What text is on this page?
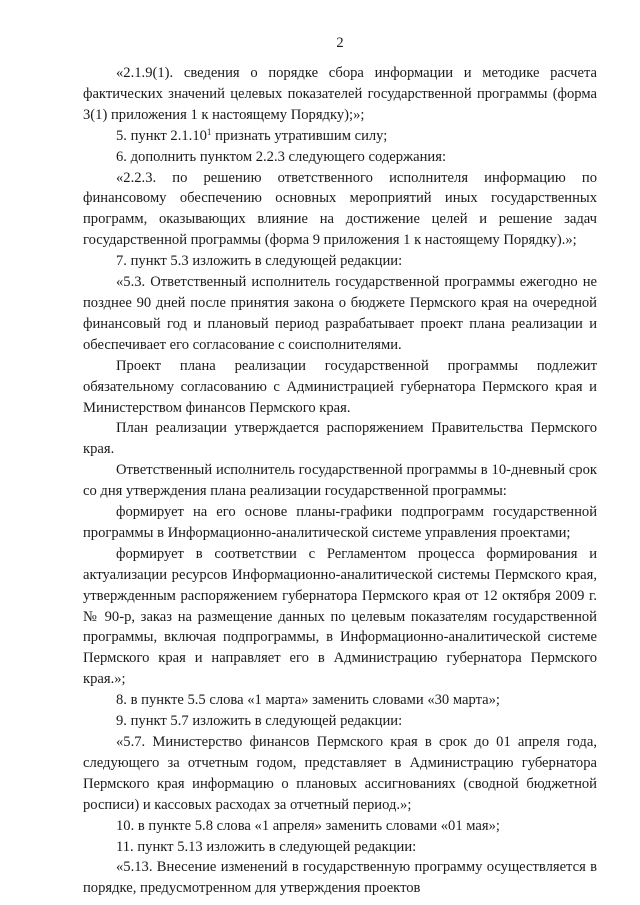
2

«2.1.9(1). сведения о порядке сбора информации и методике расчета фактических значений целевых показателей государственной программы (форма 3(1) приложения 1 к настоящему Порядку);»;

5. пункт 2.1.10$^1$ признать утратившим силу;

6. дополнить пунктом 2.2.3 следующего содержания:

«2.2.3. по решению ответственного исполнителя информацию по финансовому обеспечению основных мероприятий иных государственных программ, оказывающих влияние на достижение целей и решение задач государственной программы (форма 9 приложения 1 к настоящему Порядку).»;

7. пункт 5.3 изложить в следующей редакции:

«5.3. Ответственный исполнитель государственной программы ежегодно не позднее 90 дней после принятия закона о бюджете Пермского края на очередной финансовый год и плановый период разрабатывает проект плана реализации и обеспечивает его согласование с соисполнителями.

Проект плана реализации государственной программы подлежит обязательному согласованию с Администрацией губернатора Пермского края и Министерством финансов Пермского края.

План реализации утверждается распоряжением Правительства Пермского края.

Ответственный исполнитель государственной программы в 10-дневный срок со дня утверждения плана реализации государственной программы:

формирует на его основе планы-графики подпрограмм государственной программы в Информационно-аналитической системе управления проектами;

формирует в соответствии с Регламентом процесса формирования и актуализации ресурсов Информационно-аналитической системы Пермского края, утвержденным распоряжением губернатора Пермского края от 12 октября 2009 г. № 90-р, заказ на размещение данных по целевым показателям государственной программы, включая подпрограммы, в Информационно-аналитической системе Пермского края и направляет его в Администрацию губернатора Пермского края.»;

8. в пункте 5.5 слова «1 марта» заменить словами «30 марта»;

9. пункт 5.7 изложить в следующей редакции:

«5.7. Министерство финансов Пермского края в срок до 01 апреля года, следующего за отчетным годом, представляет в Администрацию губернатора Пермского края информацию о плановых ассигнованиях (сводной бюджетной росписи) и кассовых расходах за отчетный период.»;

10. в пункте 5.8 слова «1 апреля» заменить словами «01 мая»;

11. пункт 5.13 изложить в следующей редакции:

«5.13. Внесение изменений в государственную программу осуществляется в порядке, предусмотренном для утверждения проектов
